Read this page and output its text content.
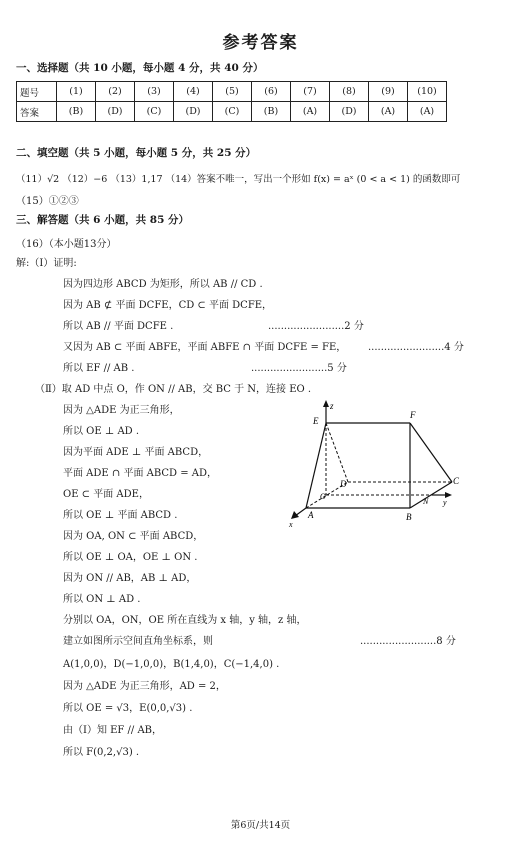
参考答案
一、选择题（共 10 小题，每小题 4 分，共 40 分）
题号	(1)	(2)	(3)	(4)	(5)	(6)	(7)	(8)	(9)	(10)
答案	(B)	(D)	(C)	(D)	(C)	(B)	(A)	(D)	(A)	(A)
二、填空题（共 5 小题，每小题 5 分，共 25 分）
（11）√2 （12）−6 （13）1,17 （14）答案不唯一，写出一个形如 f(x) = aˣ (0 < a < 1) 的函数即可
（15）①②③
三、解答题（共 6 小题，共 85 分）
（16）（本小题13分）
解:（Ⅰ）证明:
因为四边形 ABCD 为矩形，所以 AB // CD .
因为 AB ⊄ 平面 DCFE，CD ⊂ 平面 DCFE，
所以 AB // 平面 DCFE .	........................2 分
又因为 AB ⊂ 平面 ABFE，平面 ABFE ∩ 平面 DCFE = FE， ........................4 分
所以 EF // AB .	........................5 分
（Ⅱ）取 AD 中点 O，作 ON // AB，交 BC 于 N，连接 EO .
因为 △ADE 为正三角形，
所以 OE ⊥ AD .
因为平面 ADE ⊥ 平面 ABCD，
平面 ADE ∩ 平面 ABCD = AD，
OE ⊂ 平面 ADE，
所以 OE ⊥ 平面 ABCD .
因为 OA, ON ⊂ 平面 ABCD，
所以 OE ⊥ OA，OE ⊥ ON .
因为 ON // AB，AB ⊥ AD，
所以 ON ⊥ AD .
分别以 OA，ON，OE 所在直线为 x 轴，y 轴，z 轴，
建立如图所示空间直角坐标系，则	........................8 分
A(1,0,0)，D(−1,0,0)，B(1,4,0)，C(−1,4,0) .
因为 △ADE 为正三角形，AD = 2，
所以 OE = √3，E(0,0,√3) .
由（Ⅰ）知 EF // AB，
所以 F(0,2,√3) .
E
F
z
O
D	C
N y
A	B
x
第6页/共14页
